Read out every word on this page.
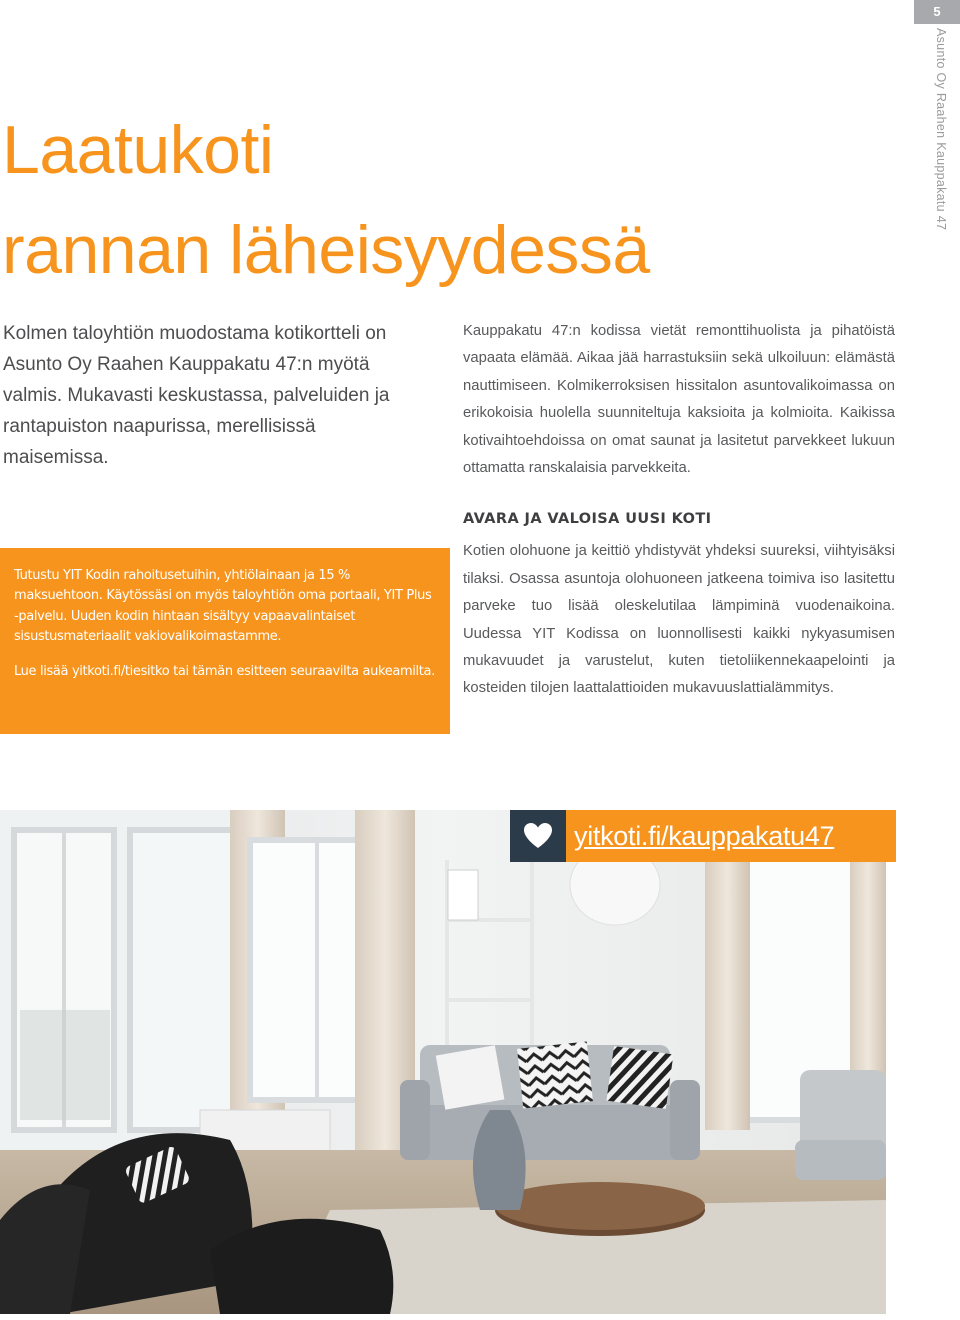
5
Asunto Oy Raahen Kauppakatu 47
Laatukoti
rannan läheisyydessä
Kolmen taloyhtiön muodostama kotikortteli on Asunto Oy Raahen Kauppakatu 47:n myötä valmis. Mukavasti keskustassa, palveluiden ja rantapuiston naapurissa, merellisissä maisemissa.

Kauppakatu 47:n kodissa vietät remonttihuolista ja pihatöistä vapaata elämää. Aikaa jää harrastuksiin sekä ulkoiluun: elämästä nauttimiseen. Kolmikerroksisen hissitalon asuntovalikoimassa on erikokoisia huolella suunniteltuja kaksioita ja kolmioita. Kaikissa kotivaihtoehdoissa on omat saunat ja lasitetut parvekkeet lukuun ottamatta ranskalaisia parvekkeita.

AVARA JA VALOISA UUSI KOTI

Kotien olohuone ja keittiö yhdistyvät yhdeksi suureksi, viihtyisäksi tilaksi. Osassa asuntoja olohuoneen jatkeena toimiva iso lasitettu parveke tuo lisää oleskelutilaa lämpiminä vuodenaikoina. Uudessa YIT Kodissa on luonnollisesti kaikki nykyasumisen mukavuudet ja varustelut, kuten tietoliikennekaapelointi ja kosteiden tilojen laattalattioiden mukavuuslattialämmitys.

Tutustu YIT Kodin rahoitusetuihin, yhtiölainaan ja 15 % maksuehtoon. Käytössäsi on myös taloyhtiön oma portaali, YIT Plus -palvelu. Uuden kodin hintaan sisältyy vapaavalintaiset sisustusmateriaalit vakiovalikoimastamme.

Lue lisää yitkoti.fi/tiesitko tai tämän esitteen seuraavilta aukeamilta.

yitkoti.fi/kauppakatu47
